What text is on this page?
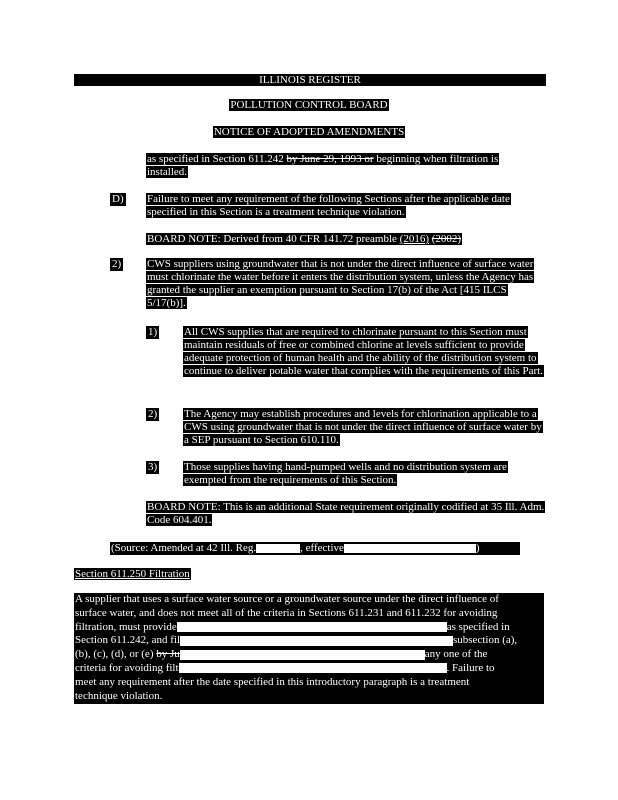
ILLINOIS REGISTER
POLLUTION CONTROL BOARD
NOTICE OF ADOPTED AMENDMENTS
as specified in Section 611.242 by June 29, 1993 or beginning when filtration is installed.
D) Failure to meet any requirement of the following Sections after the applicable date specified in this Section is a treatment technique violation.
BOARD NOTE: Derived from 40 CFR 141.72 preamble (2016) (2002)
2) CWS suppliers using groundwater that is not under the direct influence of surface water must chlorinate the water before it enters the distribution system, unless the Agency has granted the supplier an exemption pursuant to Section 17(b) of the Act [415 ILCS 5/17(b)].
1) All CWS supplies that are required to chlorinate pursuant to this Section must maintain residuals of free or combined chlorine at levels sufficient to provide adequate protection of human health and the ability of the distribution system to continue to deliver potable water that complies with the requirements of this Part.
2) The Agency may establish procedures and levels for chlorination applicable to a CWS using groundwater that is not under the direct influence of surface water by a SEP pursuant to Section 610.110.
3) Those supplies having hand-pumped wells and no distribution system are exempted from the requirements of this Section.
BOARD NOTE: This is an additional State requirement originally codified at 35 Ill. Adm. Code 604.401.
(Source: Amended at 42 Ill. Reg.	, effective	)
Section 611.250 Filtration
A supplier that uses a surface water source or a groundwater source under the direct influence of
surface water, and does not meet all of the criteria in Sections 611.231 and 611.232 for avoiding
filtration, must provide	as specified in
Section 611.242, and fil	subsection (a),
(b), (c), (d), or (e) by Ju	any one of the
criteria for avoiding filt	. Failure to
meet any requirement after the date specified in this introductory paragraph is a treatment
technique violation.
